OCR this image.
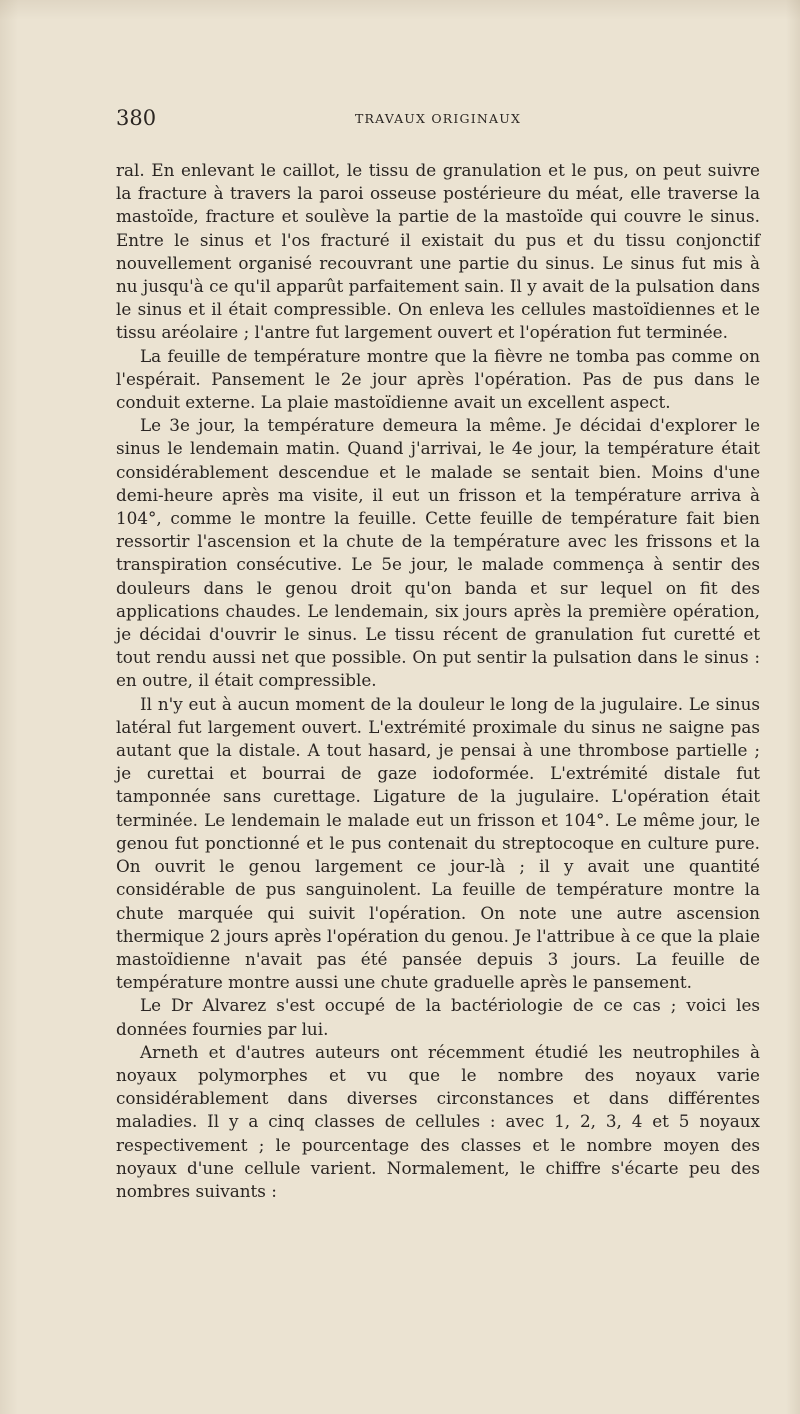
380	TRAVAUX ORIGINAUX

ral. En enlevant le caillot, le tissu de granulation et le pus, on peut suivre la fracture à travers la paroi osseuse postérieure du méat, elle traverse la mastoïde, fracture et soulève la partie de la mastoïde qui couvre le sinus. Entre le sinus et l'os fracturé il existait du pus et du tissu conjonctif nouvellement organisé recouvrant une partie du sinus. Le sinus fut mis à nu jusqu'à ce qu'il apparût parfaitement sain. Il y avait de la pulsation dans le sinus et il était compressible. On enleva les cellules mastoïdiennes et le tissu aréolaire ; l'antre fut largement ouvert et l'opération fut terminée.

La feuille de température montre que la fièvre ne tomba pas comme on l'espérait. Pansement le 2e jour après l'opération. Pas de pus dans le conduit externe. La plaie mastoïdienne avait un excellent aspect.

Le 3e jour, la température demeura la même. Je décidai d'explorer le sinus le lendemain matin. Quand j'arrivai, le 4e jour, la température était considérablement descendue et le malade se sentait bien. Moins d'une demi-heure après ma visite, il eut un frisson et la température arriva à 104°, comme le montre la feuille. Cette feuille de température fait bien ressortir l'ascension et la chute de la température avec les frissons et la transpiration consécutive. Le 5e jour, le malade commença à sentir des douleurs dans le genou droit qu'on banda et sur lequel on fit des applications chaudes. Le lendemain, six jours après la première opération, je décidai d'ouvrir le sinus. Le tissu récent de granulation fut curetté et tout rendu aussi net que possible. On put sentir la pulsation dans le sinus : en outre, il était compressible.

Il n'y eut à aucun moment de la douleur le long de la jugulaire. Le sinus latéral fut largement ouvert. L'extrémité proximale du sinus ne saigne pas autant que la distale. A tout hasard, je pensai à une thrombose partielle ; je curettai et bourrai de gaze iodoformée. L'extrémité distale fut tamponnée sans curettage. Ligature de la jugulaire. L'opération était terminée. Le lendemain le malade eut un frisson et 104°. Le même jour, le genou fut ponctionné et le pus contenait du streptocoque en culture pure. On ouvrit le genou largement ce jour-là ; il y avait une quantité considérable de pus sanguinolent. La feuille de température montre la chute marquée qui suivit l'opération. On note une autre ascension thermique 2 jours après l'opération du genou. Je l'attribue à ce que la plaie mastoïdienne n'avait pas été pansée depuis 3 jours. La feuille de température montre aussi une chute graduelle après le pansement.

Le Dr Alvarez s'est occupé de la bactériologie de ce cas ; voici les données fournies par lui.

Arneth et d'autres auteurs ont récemment étudié les neutrophiles à noyaux polymorphes et vu que le nombre des noyaux varie considérablement dans diverses circonstances et dans différentes maladies. Il y a cinq classes de cellules : avec 1, 2, 3, 4 et 5 noyaux respectivement ; le pourcentage des classes et le nombre moyen des noyaux d'une cellule varient. Normalement, le chiffre s'écarte peu des nombres suivants :
